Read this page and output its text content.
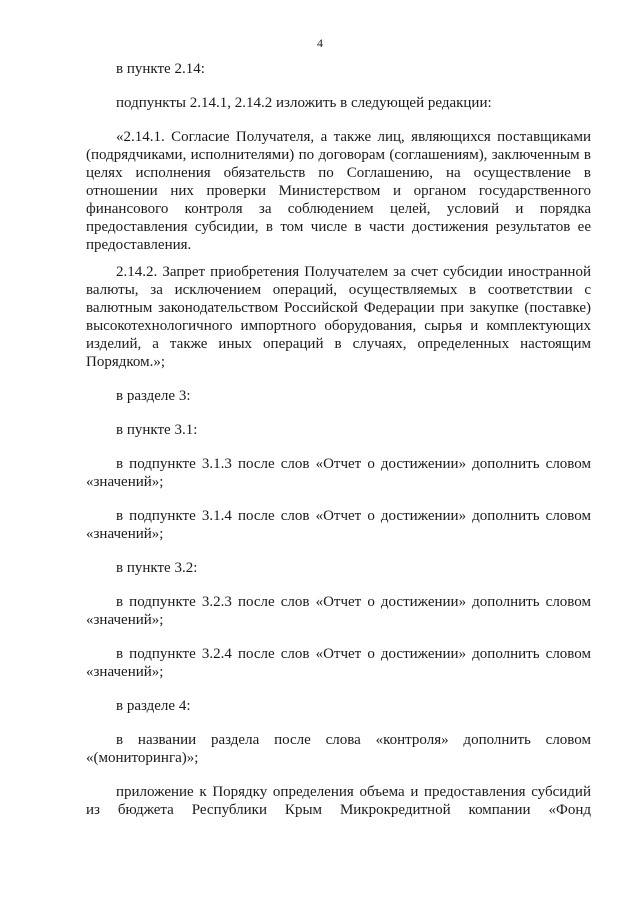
4

в пункте 2.14:

подпункты 2.14.1, 2.14.2 изложить в следующей редакции:

«2.14.1. Согласие Получателя, а также лиц, являющихся поставщиками (подрядчиками, исполнителями) по договорам (соглашениям), заключенным в целях исполнения обязательств по Соглашению, на осуществление в отношении них проверки Министерством и органом государственного финансового контроля за соблюдением целей, условий и порядка предоставления субсидии, в том числе в части достижения результатов ее предоставления.

2.14.2. Запрет приобретения Получателем за счет субсидии иностранной валюты, за исключением операций, осуществляемых в соответствии с валютным законодательством Российской Федерации при закупке (поставке) высокотехнологичного импортного оборудования, сырья и комплектующих изделий, а также иных операций в случаях, определенных настоящим Порядком.»;

в разделе 3:

в пункте 3.1:

в подпункте 3.1.3 после слов «Отчет о достижении» дополнить словом «значений»;

в подпункте 3.1.4 после слов «Отчет о достижении» дополнить словом «значений»;

в пункте 3.2:

в подпункте 3.2.3 после слов «Отчет о достижении» дополнить словом «значений»;

в подпункте 3.2.4 после слов «Отчет о достижении» дополнить словом «значений»;

в разделе 4:

в названии раздела после слова «контроля» дополнить словом «(мониторинга)»;

приложение к Порядку определения объема и предоставления субсидий из бюджета Республики Крым Микрокредитной компании «Фонд
